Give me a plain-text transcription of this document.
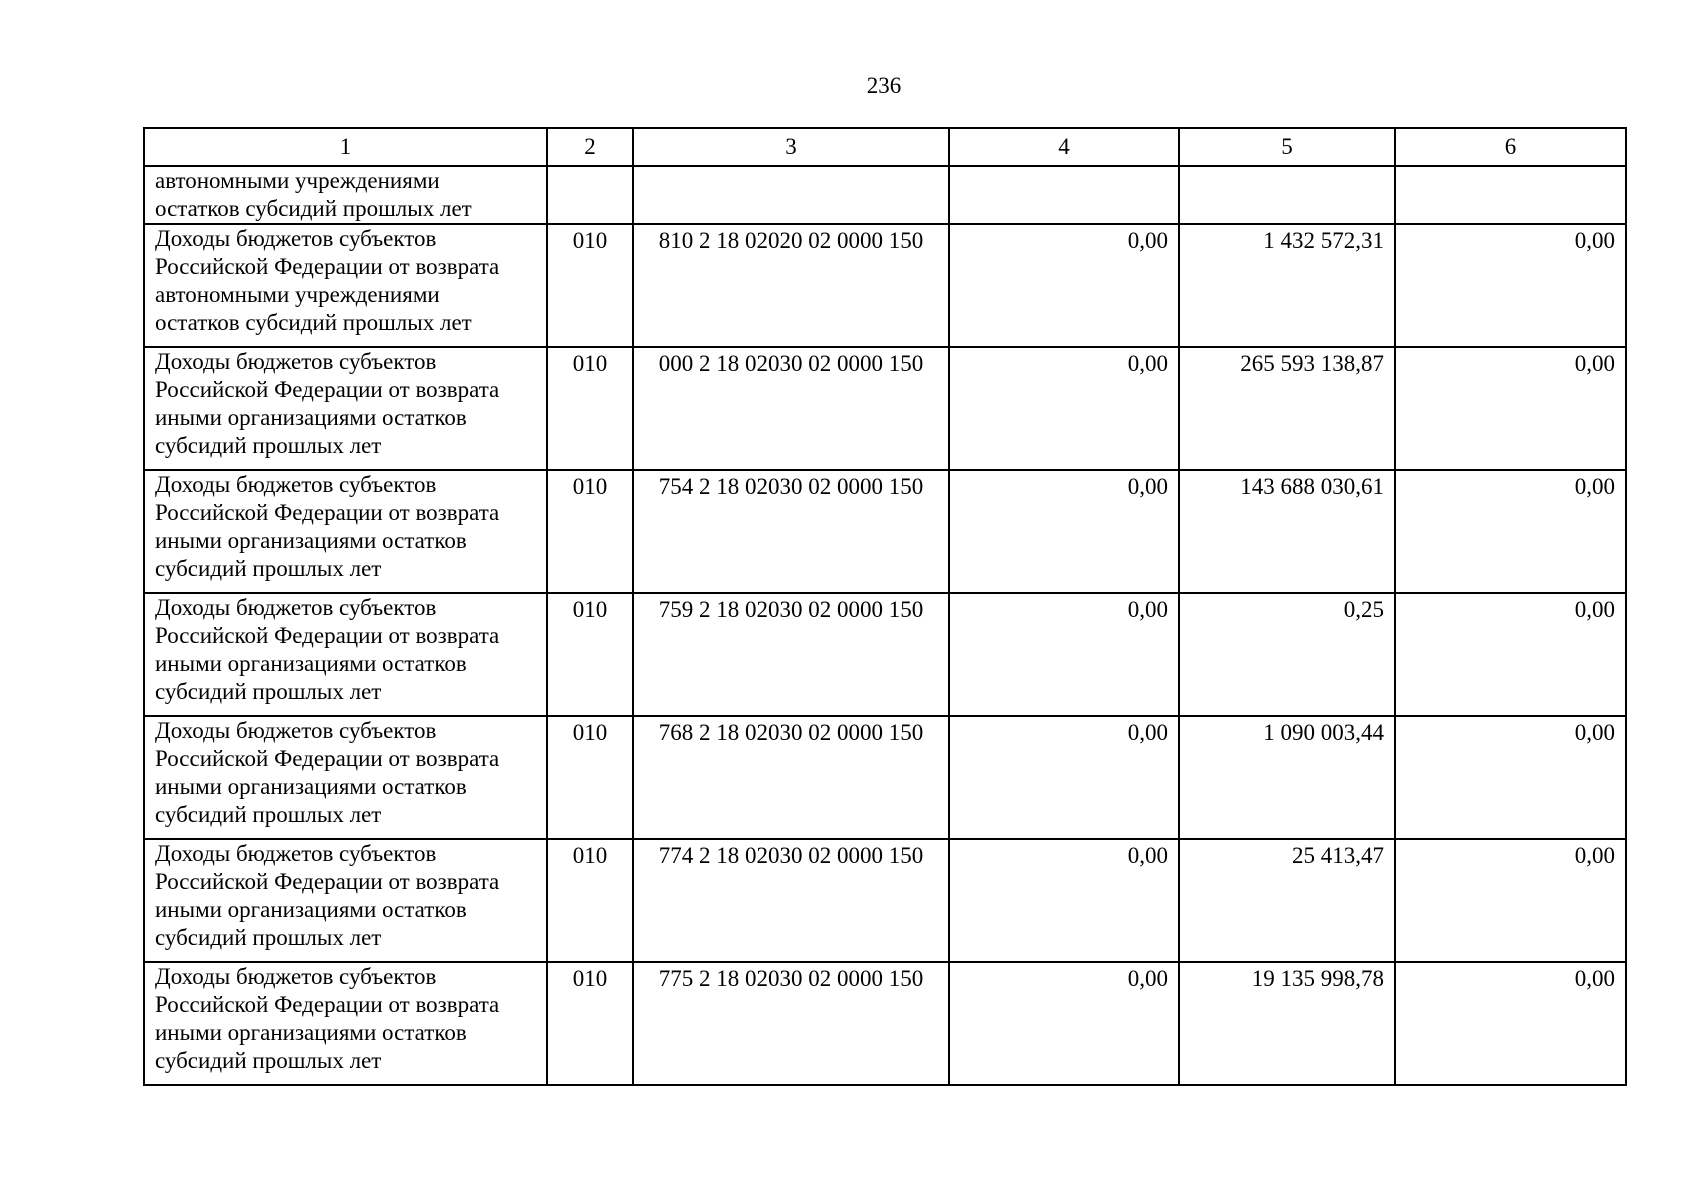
236
1	2	3	4	5	6

автономными учреждениями
остатков субсидий прошлых лет					

Доходы бюджетов субъектов
Российской Федерации от возврата
автономными учреждениями
остатков субсидий прошлых лет	010	810 2 18 02020 02 0000 150	0,00	1 432 572,31	0,00

Доходы бюджетов субъектов
Российской Федерации от возврата
иными организациями остатков
субсидий прошлых лет	010	000 2 18 02030 02 0000 150	0,00	265 593 138,87	0,00

Доходы бюджетов субъектов
Российской Федерации от возврата
иными организациями остатков
субсидий прошлых лет	010	754 2 18 02030 02 0000 150	0,00	143 688 030,61	0,00

Доходы бюджетов субъектов
Российской Федерации от возврата
иными организациями остатков
субсидий прошлых лет	010	759 2 18 02030 02 0000 150	0,00	0,25	0,00

Доходы бюджетов субъектов
Российской Федерации от возврата
иными организациями остатков
субсидий прошлых лет	010	768 2 18 02030 02 0000 150	0,00	1 090 003,44	0,00

Доходы бюджетов субъектов
Российской Федерации от возврата
иными организациями остатков
субсидий прошлых лет	010	774 2 18 02030 02 0000 150	0,00	25 413,47	0,00

Доходы бюджетов субъектов
Российской Федерации от возврата
иными организациями остатков
субсидий прошлых лет	010	775 2 18 02030 02 0000 150	0,00	19 135 998,78	0,00
